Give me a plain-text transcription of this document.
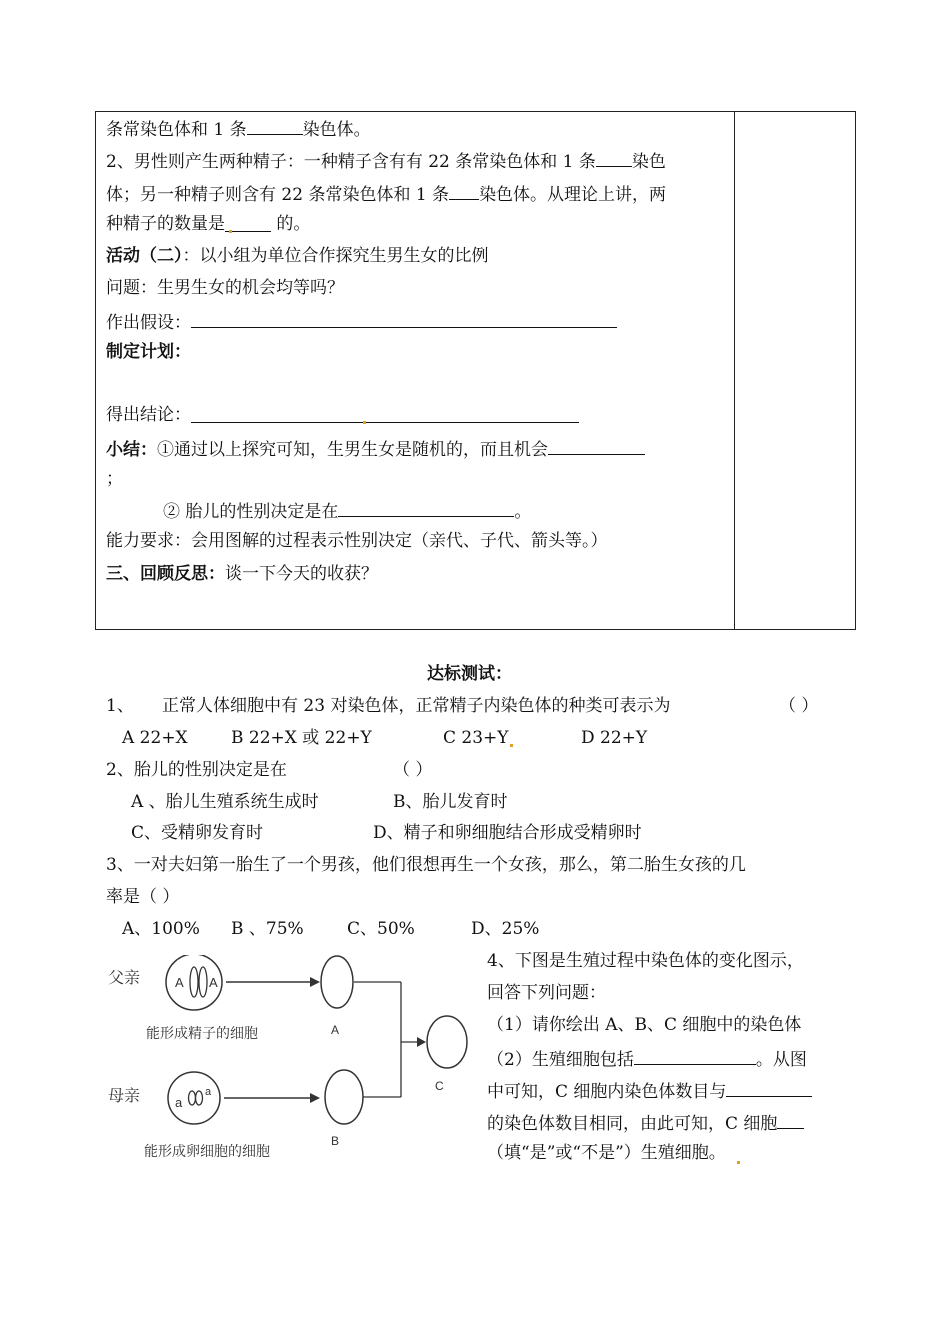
条常染色体和 1 条	染色体。
2、男性则产生两种精子：一种精子含有有 22 条常染色体和 1 条 染色
体；另一种精子则含有 22 条常染色体和 1 条 染色体。从理论上讲，两
种精子的数量是	的。
活动（二）：以小组为单位合作探究生男生女的比例
问题：生男生女的机会均等吗？
作出假设：
制定计划：
得出结论：
小结：①通过以上探究可知，生男生女是随机的，而且机会
；
② 胎儿的性别决定是在	。
能力要求：会用图解的过程表示性别决定（亲代、子代、箭头等。）
三、回顾反思：谈一下今天的收获？
达标测试：
1、 正常人体细胞中有 23 对染色体，正常精子内染色体的种类可表示为	（ ）
A 22+X	B 22+X 或 22+Y	C 23+Y	D 22+Y
2、胎儿的性别决定是在	（ ）
A 、胎儿生殖系统生成时	B、胎儿发育时
C、受精卵发育时	D、精子和卵细胞结合形成受精卵时
3、一对夫妇第一胎生了一个男孩，他们很想再生一个女孩，那么，第二胎生女孩的几
率是（ ）
A、100% B 、75%	C、50%	D、25%
4、下图是生殖过程中染色体的变化图示，
回答下列问题：
（1）请你绘出 A、B、C 细胞中的染色体
（2）生殖细胞包括	。从图
中可知，C 细胞内染色体数目与
的染色体数目相同，由此可知，C 细胞
（填“是”或“不是”）生殖细胞。
父亲	A A
能形成精子的细胞	A
母亲	a
a
能形成卵细胞的细胞
B
C
